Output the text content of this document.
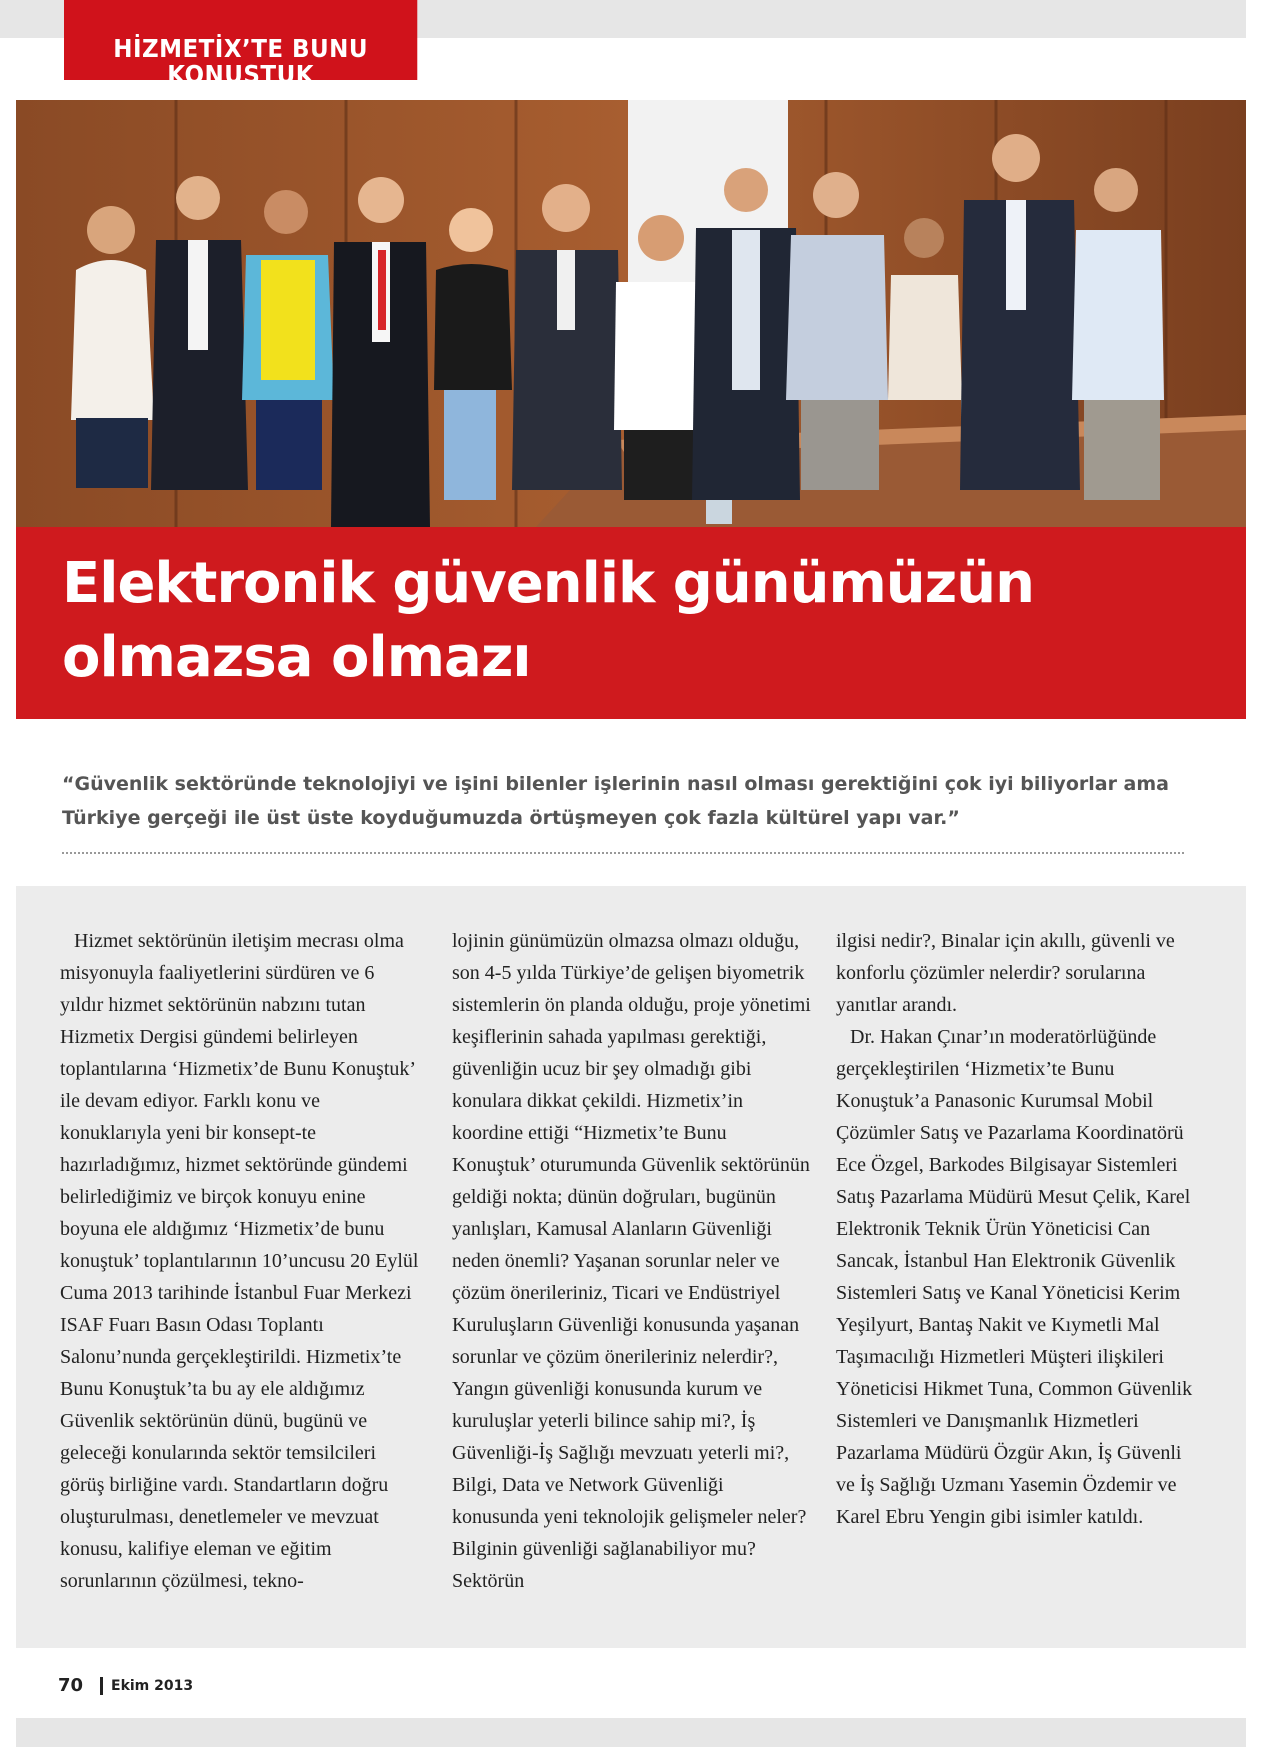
HİZMETİX’TE BUNU KONUŞTUK
Elektronik güvenlik günümüzün
olmazsa olmazı
“Güvenlik sektöründe teknolojiyi ve işini bilenler işlerinin nasıl olması gerektiğini çok iyi biliyorlar ama Türkiye gerçeği ile üst üste koyduğumuzda örtüşmeyen çok fazla kültürel yapı var.”

Hizmet sektörünün iletişim mecrası olma misyonuyla faaliyetlerini sürdüren ve 6 yıldır hizmet sektörünün nabzını tutan Hizmetix Dergisi gündemi belirleyen toplantılarına ‘Hizmetix’de Bunu Konuştuk’ ile devam ediyor. Farklı konu ve konuklarıyla yeni bir konsept-te hazırladığımız, hizmet sektöründe gündemi belirlediğimiz ve birçok konuyu enine boyuna ele aldığımız ‘Hizmetix’de bunu konuştuk’ toplantılarının 10’uncusu 20 Eylül Cuma 2013 tarihinde İstanbul Fuar Merkezi ISAF Fuarı Basın Odası Toplantı Salonu’nunda gerçekleştirildi. Hizmetix’te Bunu Konuştuk’ta bu ay ele aldığımız Güvenlik sektörünün dünü, bugünü ve geleceği konularında sektör temsilcileri görüş birliğine vardı. Standartların doğru oluşturulması, denetlemeler ve mevzuat konusu, kalifiye eleman ve eğitim sorunlarının çözülmesi, tekno-

lojinin günümüzün olmazsa olmazı olduğu, son 4-5 yılda Türkiye’de gelişen biyometrik sistemlerin ön planda olduğu, proje yönetimi keşiflerinin sahada yapılması gerektiği, güvenliğin ucuz bir şey olmadığı gibi konulara dikkat çekildi. Hizmetix’in koordine ettiği “Hizmetix’te Bunu Konuştuk’ oturumunda Güvenlik sektörünün geldiği nokta; dünün doğruları, bugünün yanlışları, Kamusal Alanların Güvenliği neden önemli? Yaşanan sorunlar neler ve çözüm önerileriniz, Ticari ve Endüstriyel Kuruluşların Güvenliği konusunda yaşanan sorunlar ve çözüm önerileriniz nelerdir?, Yangın güvenliği konusunda kurum ve kuruluşlar yeterli bilince sahip mi?, İş Güvenliği-İş Sağlığı mevzuatı yeterli mi?, Bilgi, Data ve Network Güvenliği konusunda yeni teknolojik gelişmeler neler? Bilginin güvenliği sağlanabiliyor mu? Sektörün

ilgisi nedir?, Binalar için akıllı, güvenli ve konforlu çözümler nelerdir? sorularına yanıtlar arandı.

Dr. Hakan Çınar’ın moderatörlüğünde gerçekleştirilen ‘Hizmetix’te Bunu Konuştuk’a Panasonic Kurumsal Mobil Çözümler Satış ve Pazarlama Koordinatörü Ece Özgel, Barkodes Bilgisayar Sistemleri Satış Pazarlama Müdürü Mesut Çelik, Karel Elektronik Teknik Ürün Yöneticisi Can Sancak, İstanbul Han Elektronik Güvenlik Sistemleri Satış ve Kanal Yöneticisi Kerim Yeşilyurt, Bantaş Nakit ve Kıymetli Mal Taşımacılığı Hizmetleri Müşteri ilişkileri Yöneticisi Hikmet Tuna, Common Güvenlik Sistemleri ve Danışmanlık Hizmetleri Pazarlama Müdürü Özgür Akın, İş Güvenli ve İş Sağlığı Uzmanı Yasemin Özdemir ve Karel Ebru Yengin gibi isimler katıldı.

70 Ekim 2013
